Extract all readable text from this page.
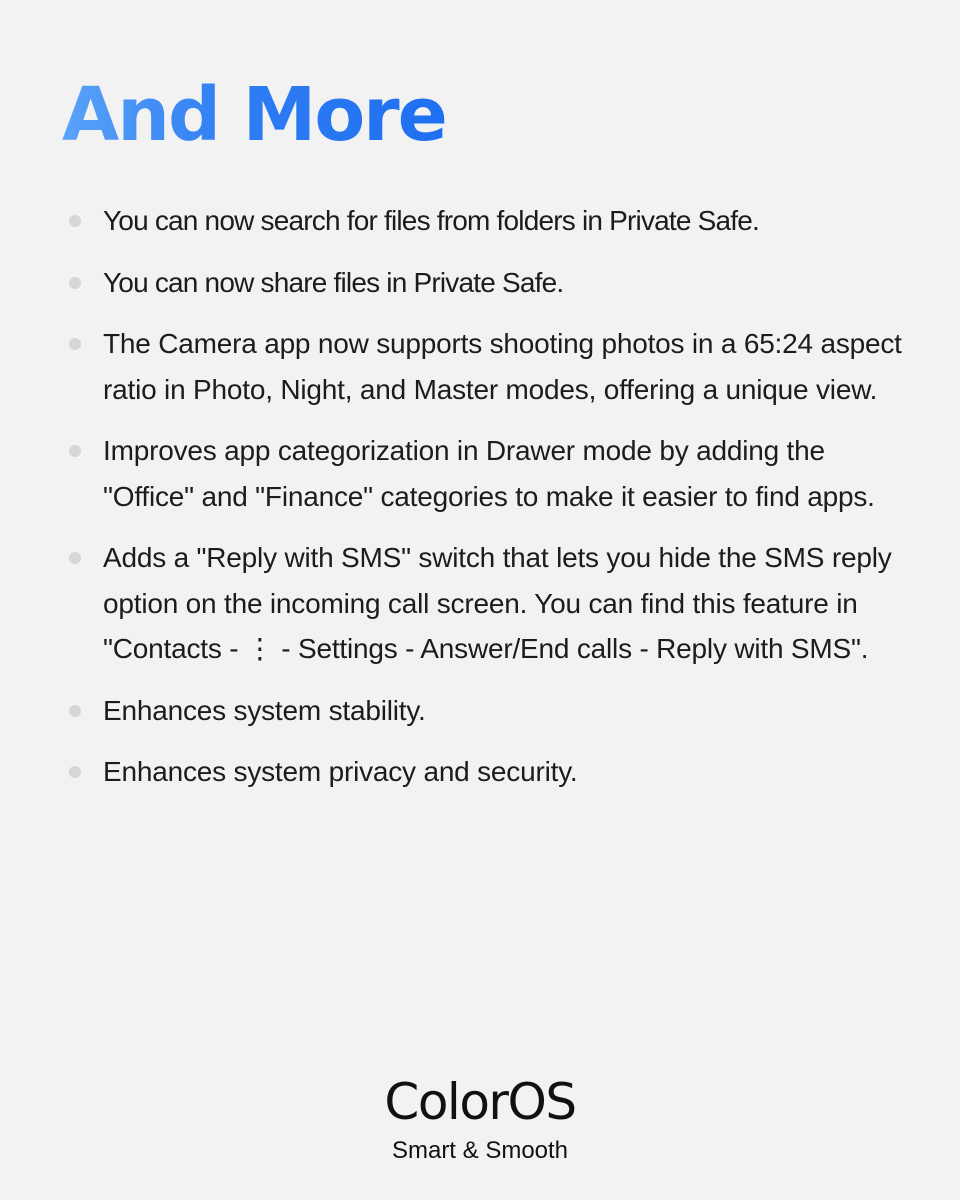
And More
You can now search for files from folders in Private Safe.
You can now share files in Private Safe.
The Camera app now supports shooting photos in a 65:24 aspect ratio in Photo, Night, and Master modes, offering a unique view.
Improves app categorization in Drawer mode by adding the "Office" and "Finance" categories to make it easier to find apps.
Adds a "Reply with SMS" switch that lets you hide the SMS reply option on the incoming call screen. You can find this feature in "Contacts - ⋮ - Settings - Answer/End calls - Reply with SMS".
Enhances system stability.
Enhances system privacy and security.
ColorOS
Smart & Smooth
